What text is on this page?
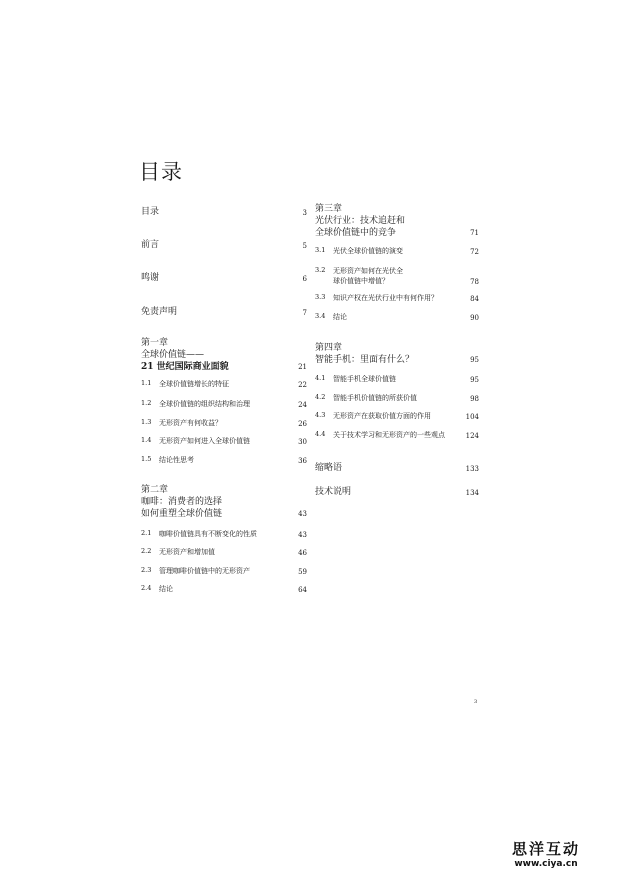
目录
目录	3
前言	5
鸣谢	6
免责声明	7
第一章
全球价值链——
21 世纪国际商业面貌	21
1.1	全球价值链增长的特征	22
1.2	全球价值链的组织结构和治理	24
1.3	无形资产有何收益？	26
1.4	无形资产如何进入全球价值链	30
1.5	结论性思考	36
第二章
咖啡：消费者的选择
如何重塑全球价值链	43
2.1	咖啡价值链具有不断变化的性质	43
2.2	无形资产和增加值	46
2.3	管理咖啡价值链中的无形资产	59
2.4	结论	64
第三章
光伏行业：技术追赶和
全球价值链中的竞争	71
3.1	光伏全球价值链的演变	72
3.2	无形资产如何在光伏全
球价值链中增值？	78
3.3	知识产权在光伏行业中有何作用？	84
3.4	结论	90
第四章
智能手机：里面有什么？	95
4.1	智能手机全球价值链	95
4.2	智能手机价值链的所获价值	98
4.3	无形资产在获取价值方面的作用	104
4.4	关于技术学习和无形资产的一些观点	124
缩略语	133
技术说明	134
3
思洋互动
www.ciya.cn
